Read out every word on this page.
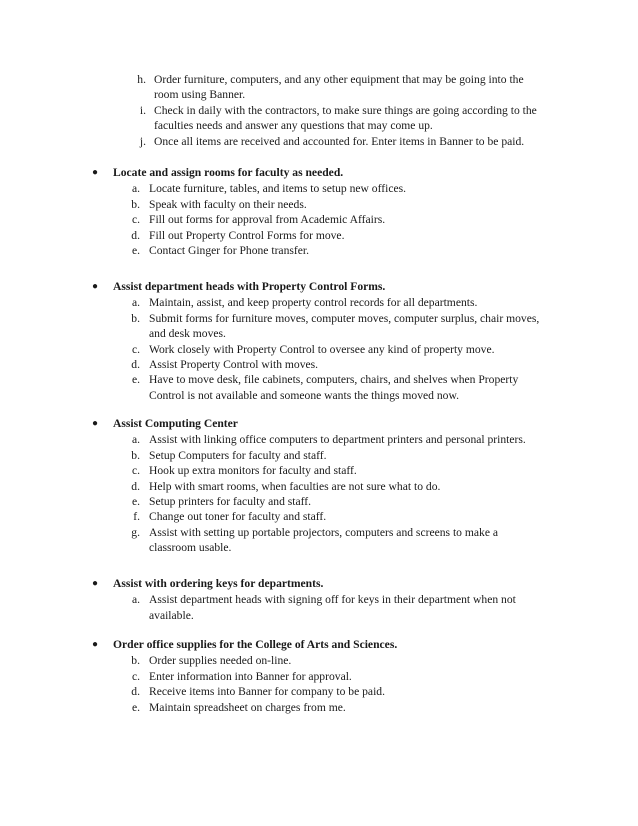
h. Order furniture, computers, and any other equipment that may be going into the
room using Banner.
i. Check in daily with the contractors, to make sure things are going according to the
faculties needs and answer any questions that may come up.
j. Once all items are received and accounted for. Enter items in Banner to be paid.
● Locate and assign rooms for faculty as needed.
a. Locate furniture, tables, and items to setup new offices.
b. Speak with faculty on their needs.
c. Fill out forms for approval from Academic Affairs.
d. Fill out Property Control Forms for move.
e. Contact Ginger for Phone transfer.
● Assist department heads with Property Control Forms.
a. Maintain, assist, and keep property control records for all departments.
b. Submit forms for furniture moves, computer moves, computer surplus, chair moves,
and desk moves.
c. Work closely with Property Control to oversee any kind of property move.
d. Assist Property Control with moves.
e. Have to move desk, file cabinets, computers, chairs, and shelves when Property
Control is not available and someone wants the things moved now.
● Assist Computing Center
a. Assist with linking office computers to department printers and personal printers.
b. Setup Computers for faculty and staff.
c. Hook up extra monitors for faculty and staff.
d. Help with smart rooms, when faculties are not sure what to do.
e. Setup printers for faculty and staff.
f. Change out toner for faculty and staff.
g. Assist with setting up portable projectors, computers and screens to make a
classroom usable.
● Assist with ordering keys for departments.
a. Assist department heads with signing off for keys in their department when not
available.
● Order office supplies for the College of Arts and Sciences.
b. Order supplies needed on-line.
c. Enter information into Banner for approval.
d. Receive items into Banner for company to be paid.
e. Maintain spreadsheet on charges from me.
